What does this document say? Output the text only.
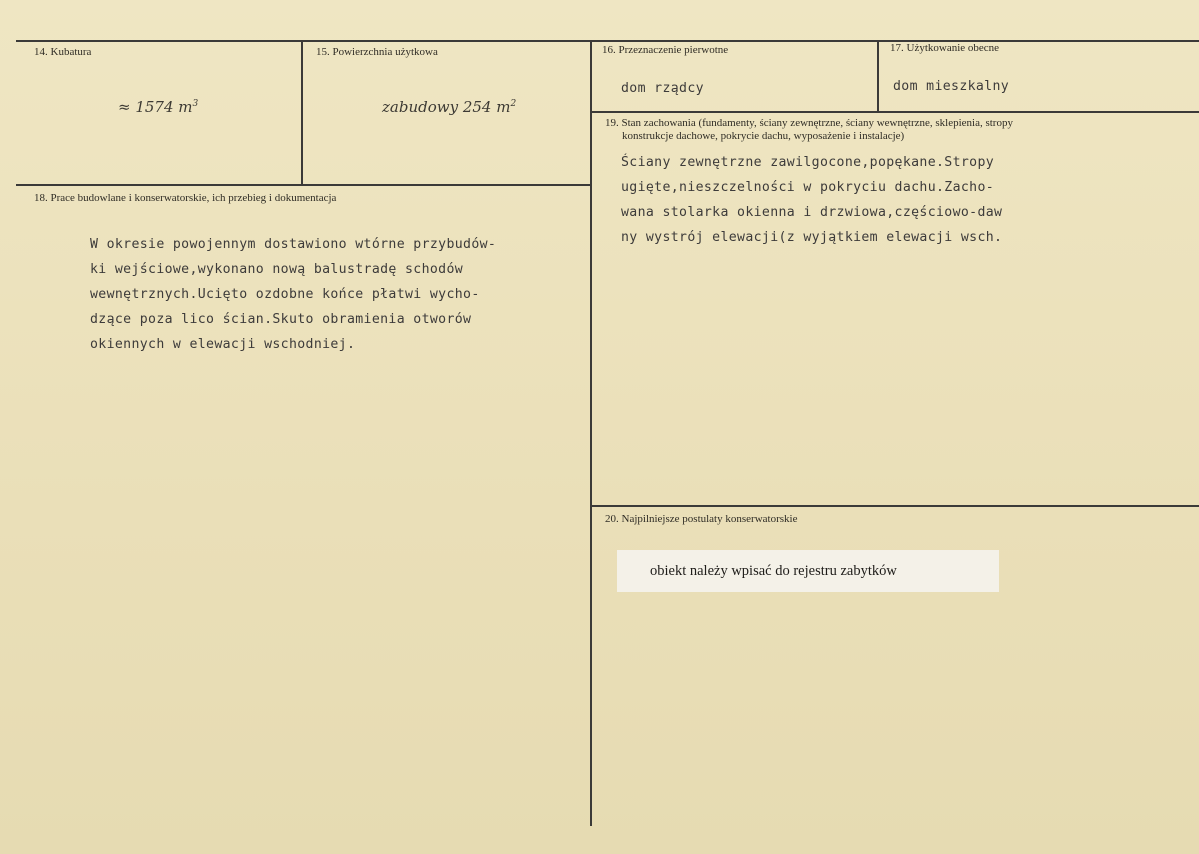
14. Kubatura
≈ 1574 $m^3$
15. Powierzchnia użytkowa
zabudowy 254 $m^2$
16. Przeznaczenie pierwotne
dom rządcy
17. Użytkowanie obecne
dom mieszkalny
18. Prace budowlane i konserwatorskie, ich przebieg i dokumentacja
W okresie powojennym dostawiono wtórne przybudów-
ki wejściowe,wykonano nową balustradę schodów
wewnętrznych.Ucięto ozdobne końce płatwi wycho-
dzące poza lico ścian.Skuto obramienia otworów
okiennych w elewacji wschodniej.
19. Stan zachowania (fundamenty, ściany zewnętrzne, ściany wewnętrzne, sklepienia, stropy
konstrukcje dachowe, pokrycie dachu, wyposażenie i instalacje)
Ściany zewnętrzne zawilgocone,popękane.Stropy
ugięte,nieszczelności w pokryciu dachu.Zacho-
wana stolarka okienna i drzwiowa,częściowo-daw
ny wystrój elewacji(z wyjątkiem elewacji wsch.
20. Najpilniejsze postulaty konserwatorskie
obiekt należy wpisać do rejestru zabytków
